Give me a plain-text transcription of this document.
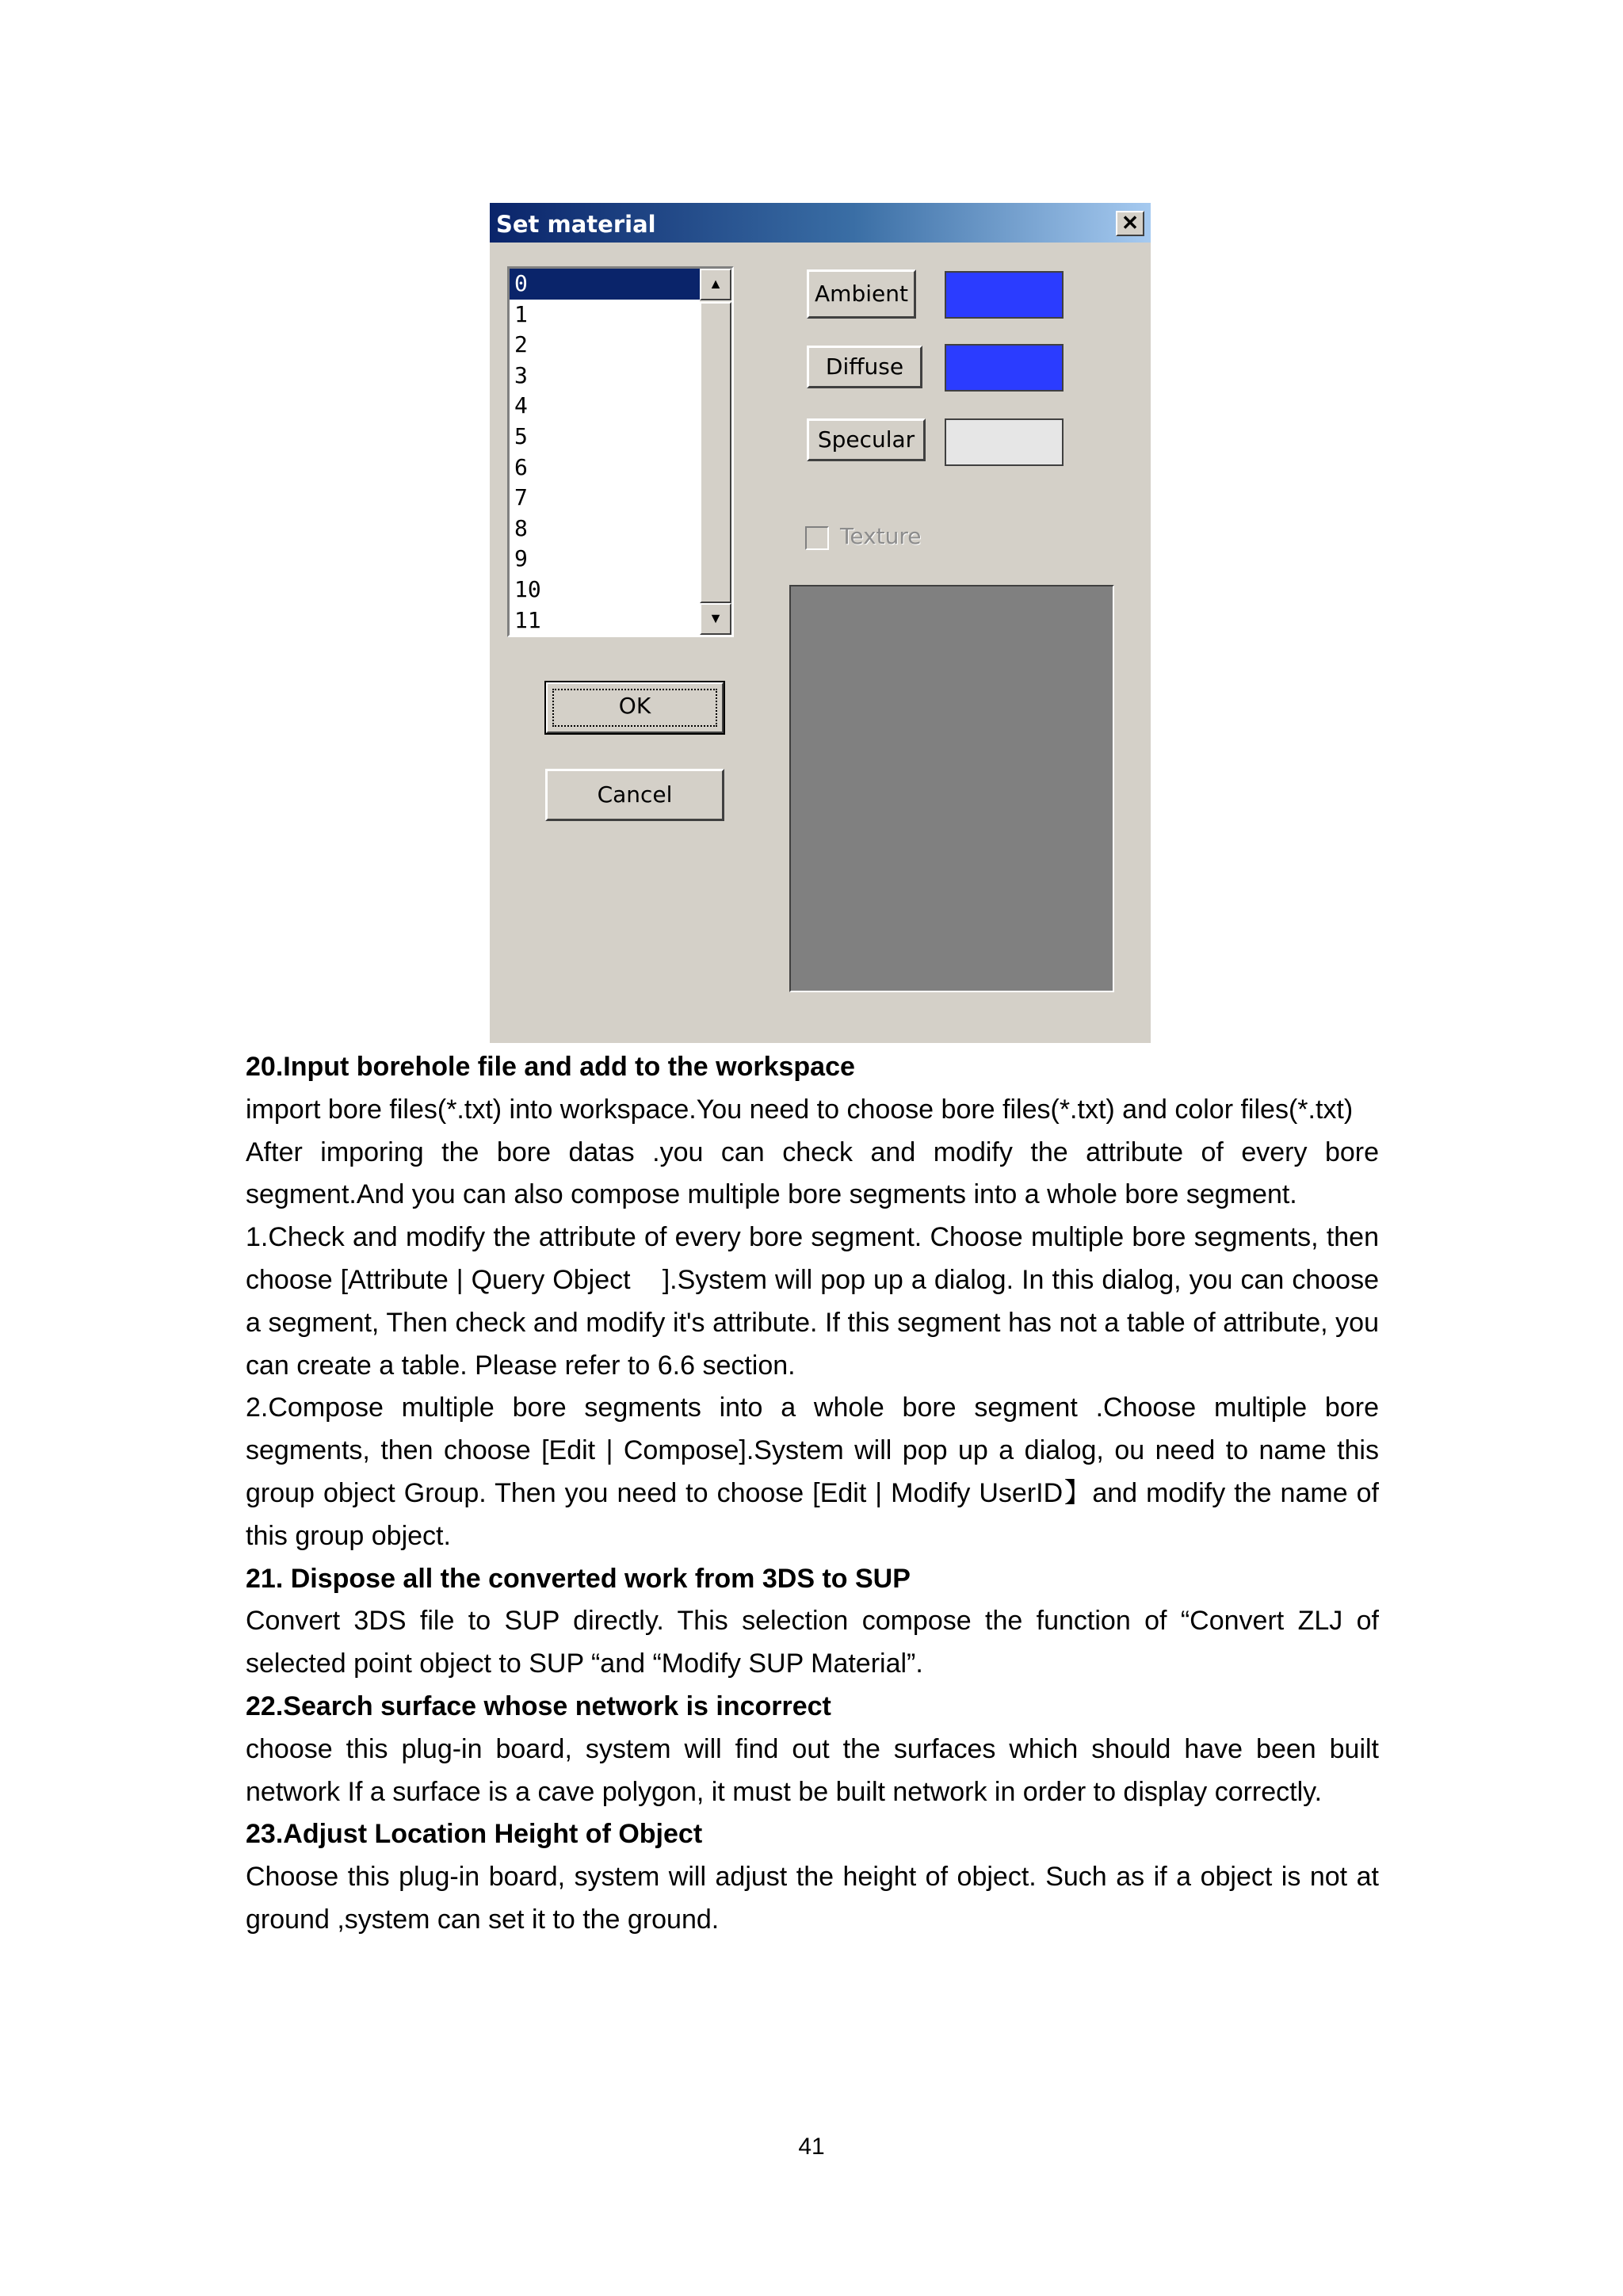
Set material	✕
0
1
2
3
4
5
6
7
8
9
10
11
▲
▼
OK
Cancel
Ambient
Diffuse
Specular
Texture
20.Input borehole file and add to the workspace

import bore files(*.txt) into workspace.You need to choose bore files(*.txt) and color files(*.txt)

After imporing the bore datas .you can check and modify the attribute of every bore segment.And you can also compose multiple bore segments into a whole bore segment.

1.Check and modify the attribute of every bore segment. Choose multiple bore segments, then choose [Attribute | Query Object    ].System will pop up a dialog. In this dialog, you can choose a segment, Then check and modify it's attribute. If this segment has not a table of attribute, you can create a table. Please refer to 6.6 section.

2.Compose multiple bore segments into a whole bore segment .Choose multiple bore segments, then choose [Edit | Compose].System will pop up a dialog, ou need to name this group object Group. Then you need to choose [Edit | Modify UserID】and modify the name of this group object.

21. Dispose all the converted work from 3DS to SUP

Convert 3DS file to SUP directly. This selection compose the function of “Convert ZLJ of selected point object to SUP “and “Modify SUP Material”.

22.Search surface whose network is incorrect

choose this plug-in board, system will find out the surfaces which should have been built network If a surface is a cave polygon, it must be built network in order to display correctly.

23.Adjust Location Height of Object

Choose this plug-in board, system will adjust the height of object. Such as if a object is not at ground ,system can set it to the ground.

41
